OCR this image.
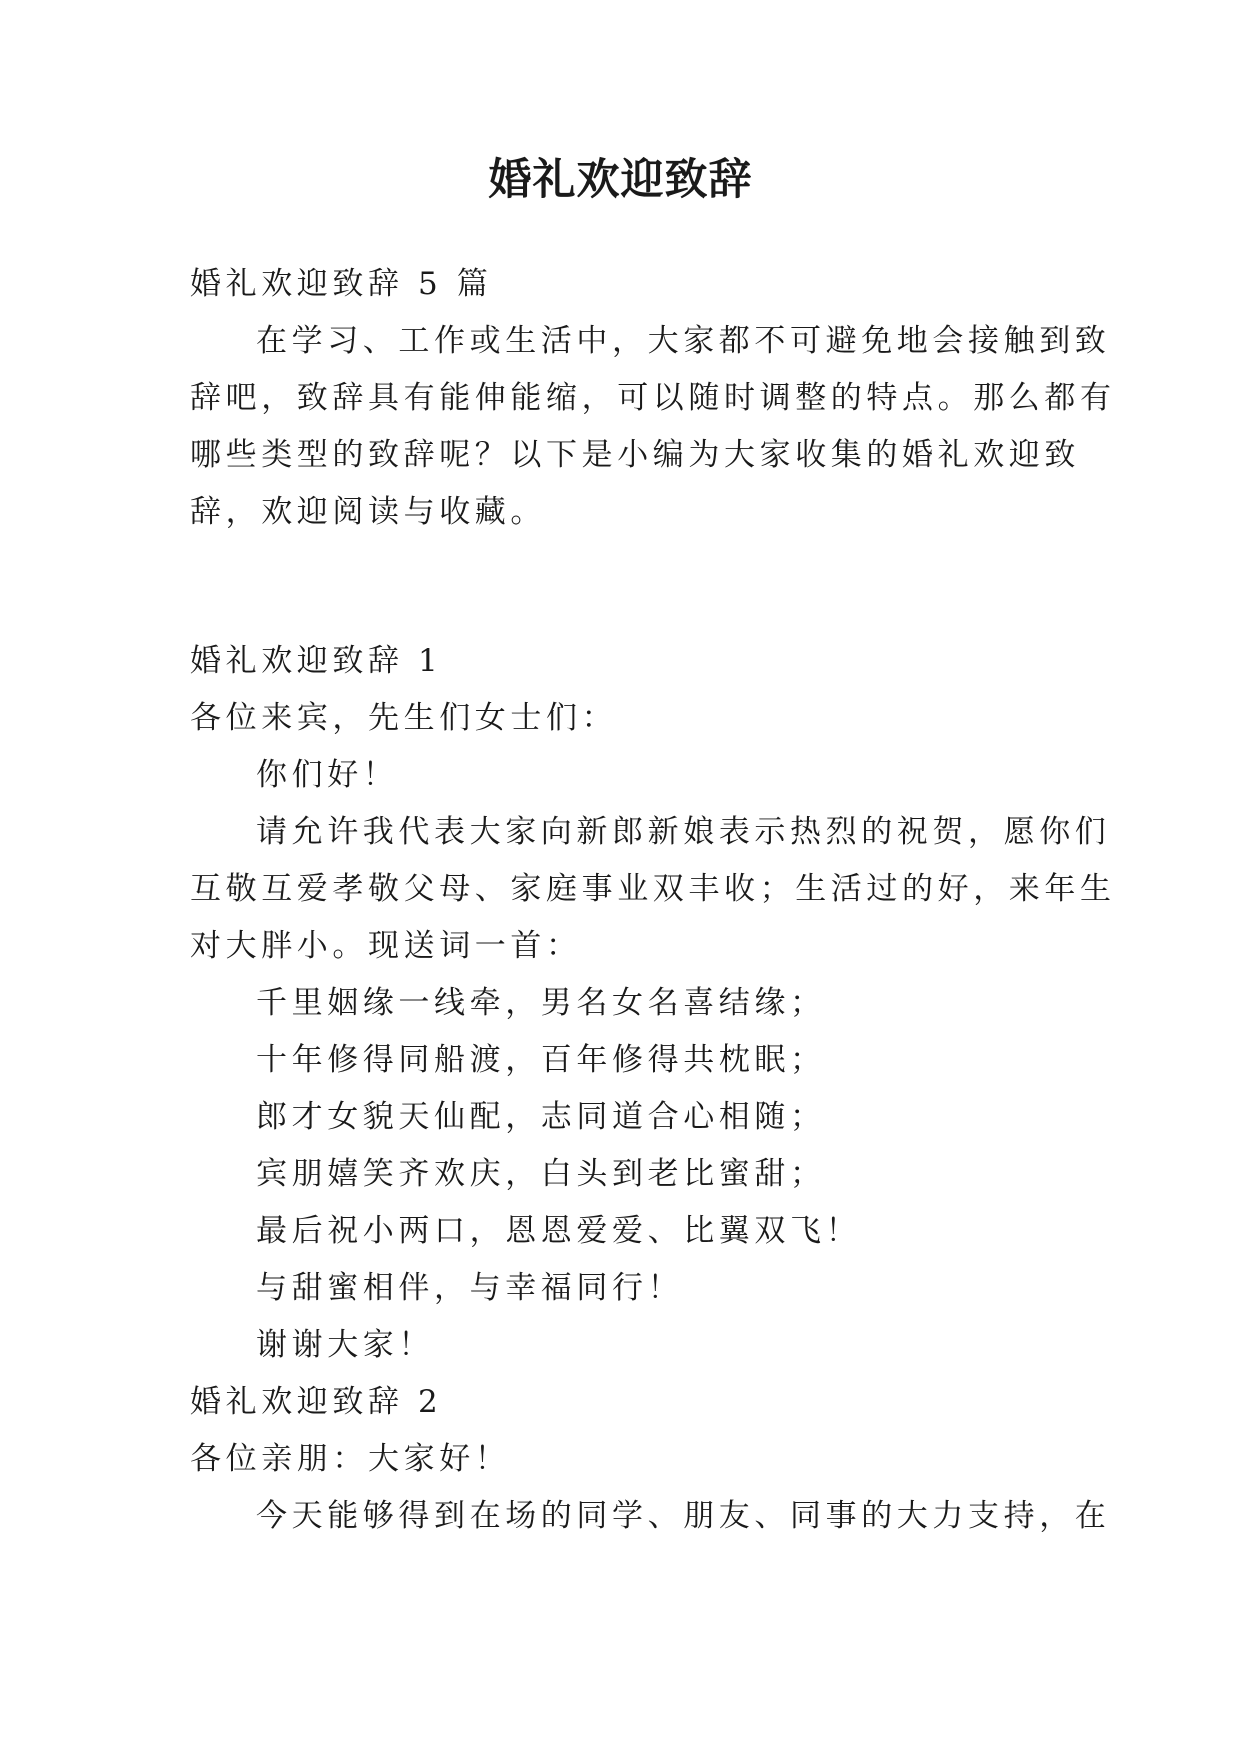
婚礼欢迎致辞
婚礼欢迎致辞 5 篇
在学习、工作或生活中，大家都不可避免地会接触到致
辞吧，致辞具有能伸能缩，可以随时调整的特点。那么都有
哪些类型的致辞呢？以下是小编为大家收集的婚礼欢迎致
辞，欢迎阅读与收藏。
婚礼欢迎致辞 1
各位来宾，先生们女士们：
你们好！
请允许我代表大家向新郎新娘表示热烈的祝贺，愿你们
互敬互爱孝敬父母、家庭事业双丰收；生活过的好，来年生
对大胖小。现送词一首：
千里姻缘一线牵，男名女名喜结缘；
十年修得同船渡，百年修得共枕眠；
郎才女貌天仙配，志同道合心相随；
宾朋嬉笑齐欢庆，白头到老比蜜甜；
最后祝小两口，恩恩爱爱、比翼双飞！
与甜蜜相伴，与幸福同行！
谢谢大家！
婚礼欢迎致辞 2
各位亲朋：大家好！
今天能够得到在场的同学、朋友、同事的大力支持，在
